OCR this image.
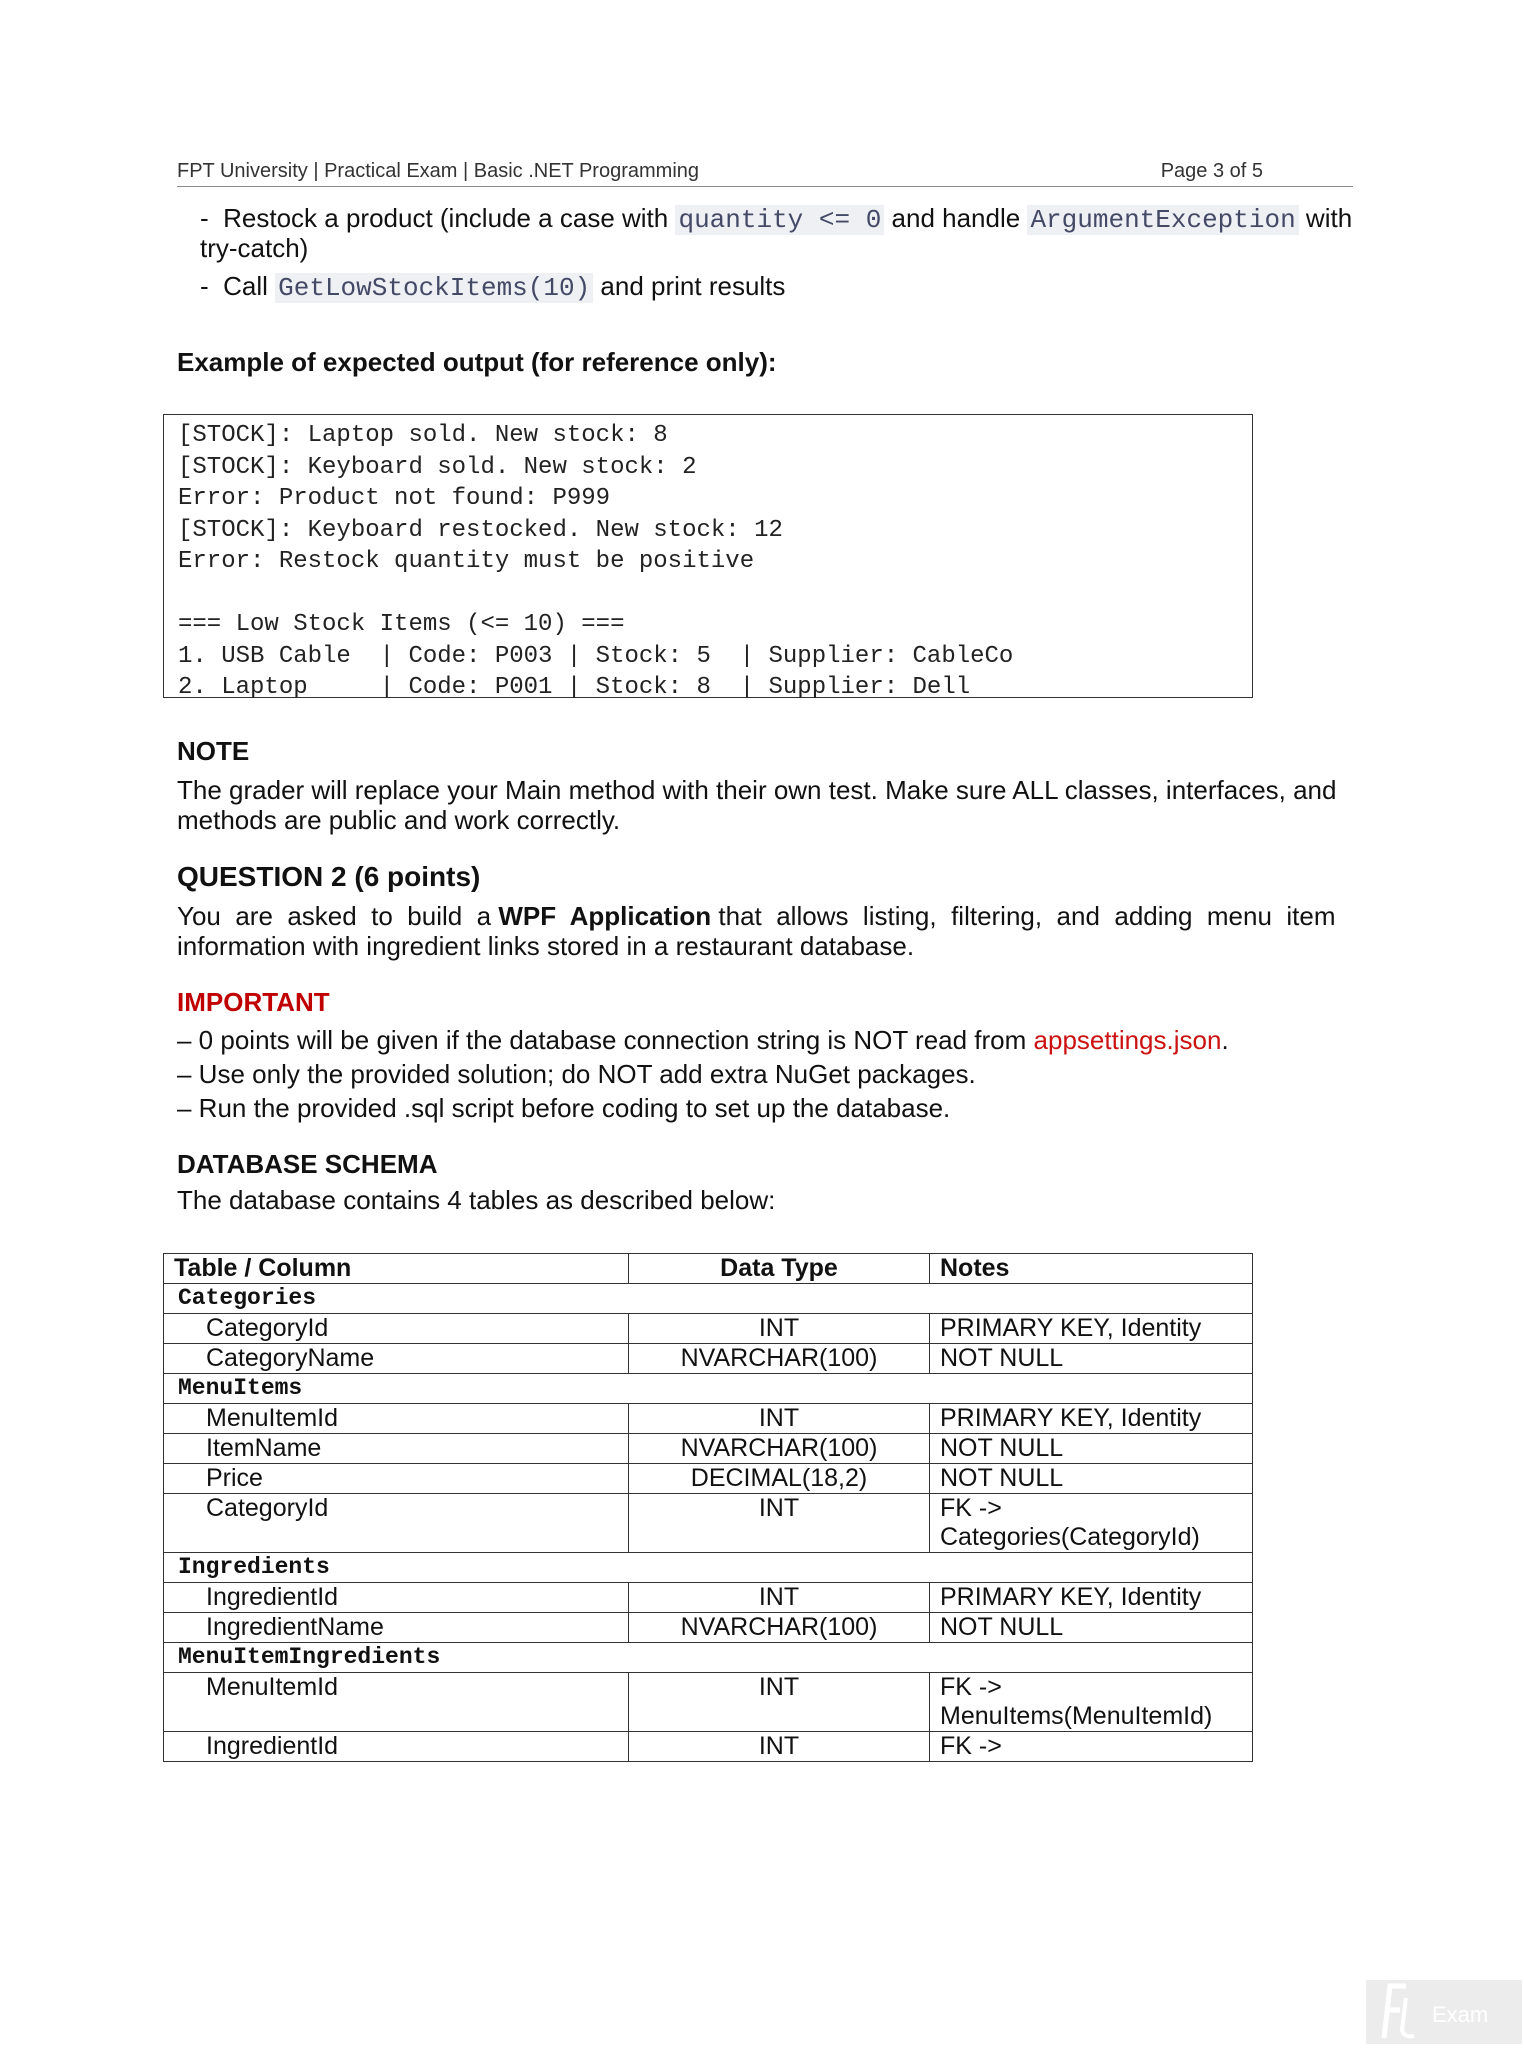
FPT University | Practical Exam | Basic .NET Programming	Page 3 of 5
- Restock a product (include a case with quantity <= 0 and handle ArgumentException with
try-catch)
- Call GetLowStockItems(10) and print results
Example of expected output (for reference only):
[STOCK]: Laptop sold. New stock: 8
[STOCK]: Keyboard sold. New stock: 2
Error: Product not found: P999
[STOCK]: Keyboard restocked. New stock: 12
Error: Restock quantity must be positive
=== Low Stock Items (<= 10) ===
1. USB Cable  | Code: P003 | Stock: 5  | Supplier: CableCo
2. Laptop     | Code: P001 | Stock: 8  | Supplier: Dell
NOTE
The grader will replace your Main method with their own test. Make sure ALL classes, interfaces, and
methods are public and work correctly.
QUESTION 2 (6 points)
You  are  asked  to  build  a WPF  Application that  allows  listing,  filtering,  and  adding  menu  item
information with ingredient links stored in a restaurant database.
IMPORTANT
– 0 points will be given if the database connection string is NOT read from appsettings.json.
– Use only the provided solution; do NOT add extra NuGet packages.
– Run the provided .sql script before coding to set up the database.
DATABASE SCHEMA
The database contains 4 tables as described below:
Table / Column	Data Type	Notes
Categories		
CategoryId	INT	PRIMARY KEY, Identity
CategoryName	NVARCHAR(100)	NOT NULL
MenuItems		
MenuItemId	INT	PRIMARY KEY, Identity
ItemName	NVARCHAR(100)	NOT NULL
Price	DECIMAL(18,2)	NOT NULL
CategoryId	INT	FK ->
Categories(CategoryId)

Ingredients		
IngredientId	INT	PRIMARY KEY, Identity
IngredientName	NVARCHAR(100)	NOT NULL
MenuItemIngredients		
MenuItemId	INT	FK ->
MenuItems(MenuItemId)

IngredientId	INT	FK ->
Exam
